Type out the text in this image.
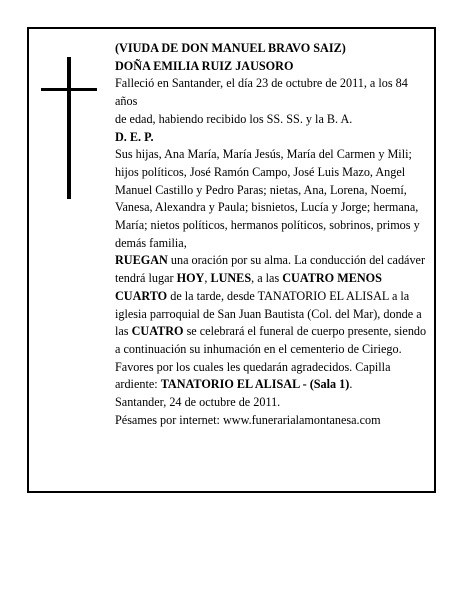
(VIUDA DE DON MANUEL BRAVO SAIZ)

DOÑA EMILIA RUIZ JAUSORO

Falleció en Santander, el día 23 de octubre de 2011, a los 84 años

de edad, habiendo recibido los SS. SS. y la B. A.

D. E. P.

Sus hijas, Ana María, María Jesús, María del Carmen y Mili; hijos políticos, José Ramón Campo, José Luis Mazo, Angel Manuel Castillo y Pedro Paras; nietas, Ana, Lorena, Noemí, Vanesa, Alexandra y Paula; bisnietos, Lucía y Jorge; hermana, María; nietos políticos, hermanos políticos, sobrinos, primos y demás familia,

RUEGAN una oración por su alma. La conducción del cadáver tendrá lugar HOY, LUNES, a las CUATRO MENOS CUARTO de la tarde, desde TANATORIO EL ALISAL a la iglesia parroquial de San Juan Bautista (Col. del Mar), donde a las CUATRO se celebrará el funeral de cuerpo presente, siendo a continuación su inhumación en el cementerio de Ciriego. Favores por los cuales les quedarán agradecidos. Capilla ardiente: TANATORIO EL ALISAL - (Sala 1).

Santander, 24 de octubre de 2011.

Pésames por internet: www.funerarialamontanesa.com
